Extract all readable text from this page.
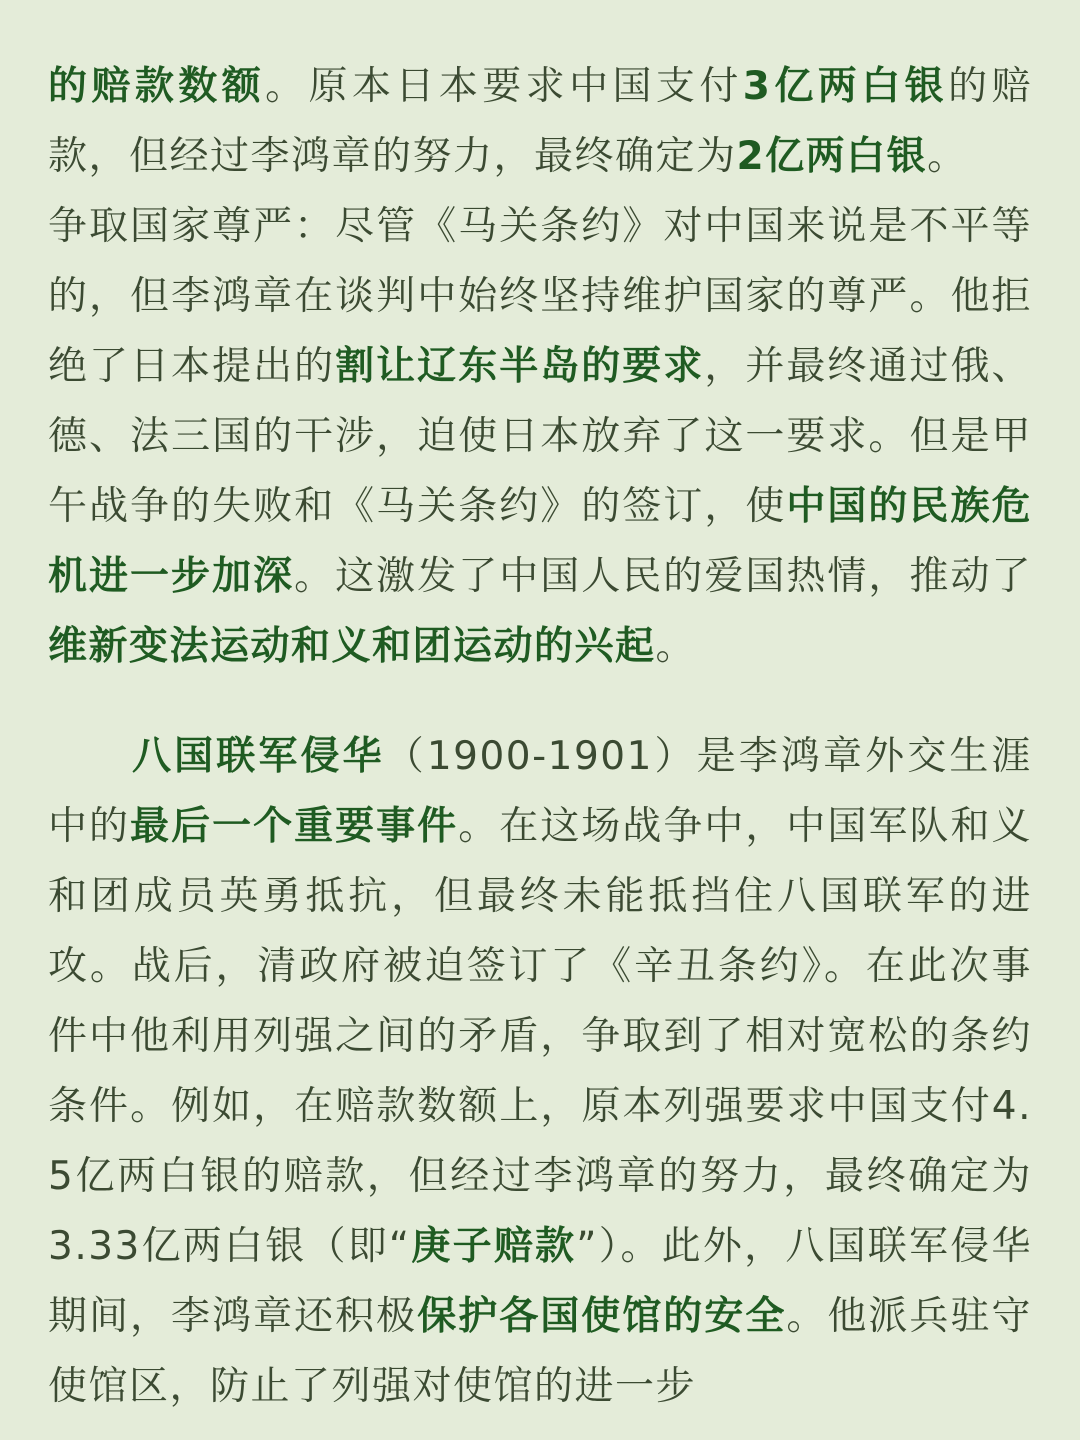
的赔款数额。原本日本要求中国支付3亿两白银的赔款，但经过李鸿章的努力，最终确定为2亿两白银。

争取国家尊严：尽管《马关条约》对中国来说是不平等的，但李鸿章在谈判中始终坚持维护国家的尊严。他拒绝了日本提出的割让辽东半岛的要求，并最终通过俄、德、法三国的干涉，迫使日本放弃了这一要求。但是甲午战争的失败和《马关条约》的签订，使中国的民族危机进一步加深。这激发了中国人民的爱国热情，推动了维新变法运动和义和团运动的兴起。

八国联军侵华（1900-1901）是李鸿章外交生涯中的最后一个重要事件。在这场战争中，中国军队和义和团成员英勇抵抗，但最终未能抵挡住八国联军的进攻。战后，清政府被迫签订了《辛丑条约》。在此次事件中他利用列强之间的矛盾，争取到了相对宽松的条约条件。例如，在赔款数额上，原本列强要求中国支付4.5亿两白银的赔款，但经过李鸿章的努力，最终确定为3.33亿两白银（即“庚子赔款”）。此外，八国联军侵华期间，李鸿章还积极保护各国使馆的安全。他派兵驻守使馆区，防止了列强对使馆的进一步
